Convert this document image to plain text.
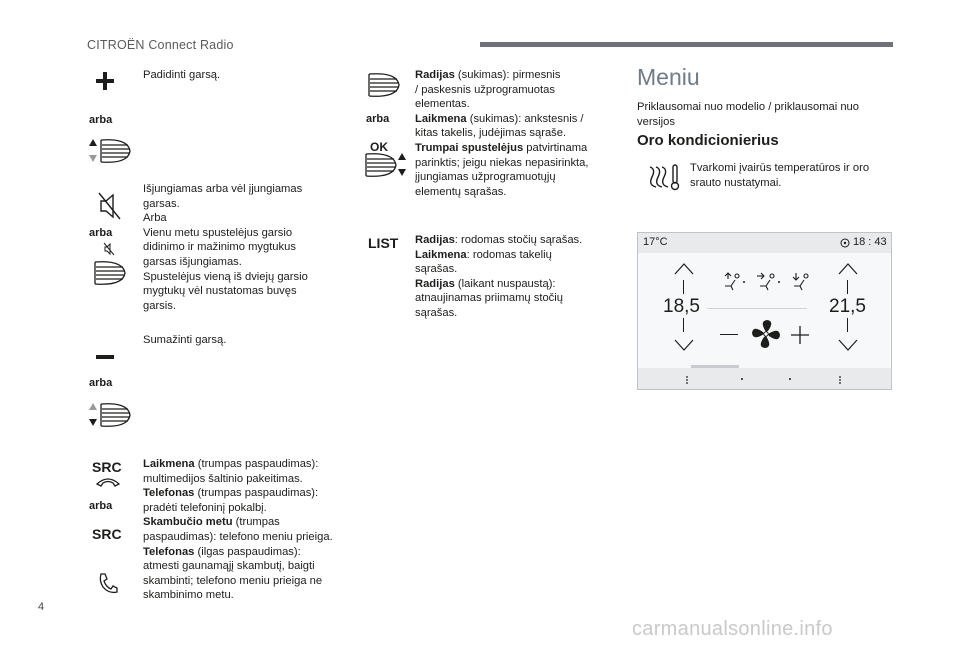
CITROËN Connect Radio
4
carmanualsonline.info
Padidinti garsą.
arba
Išjungiamas arba vėl įjungiamas
garsas.
Arba
Vienu metu spustelėjus garsio
didinimo ir mažinimo mygtukus
garsas išjungiamas.
Spustelėjus vieną iš dviejų garsio
mygtukų vėl nustatomas buvęs
garsis.
arba
Sumažinti garsą.
arba
SRC
arba
SRC
Laikmena (trumpas paspaudimas):
multimedijos šaltinio pakeitimas.
Telefonas (trumpas paspaudimas):
pradėti telefoninį pokalbį.
Skambučio metu (trumpas
paspaudimas): telefono meniu prieiga.
Telefonas (ilgas paspaudimas):
atmesti gaunamąjį skambutį, baigti
skambinti; telefono meniu prieiga ne
skambinimo metu.
arba
OK
Radijas (sukimas): pirmesnis
/ paskesnis užprogramuotas
elementas.
Laikmena (sukimas): ankstesnis /
kitas takelis, judėjimas sąraše.
Trumpai spustelėjus patvirtinama
parinktis; jeigu niekas nepasirinkta,
įjungiamas užprogramuotųjų
elementų sąrašas.
LIST Radijas: rodomas stočių sąrašas.
Laikmena: rodomas takelių
sąrašas.
Radijas (laikant nuspaustą):
atnaujinamas priimamų stočių
sąrašas.
Meniu
Priklausomai nuo modelio / priklausomai nuo
versijos
Oro kondicionierius
Tvarkomi įvairūs temperatūros ir oro
srauto nustatymai.
17°C	18 : 43
18,5	21,5
